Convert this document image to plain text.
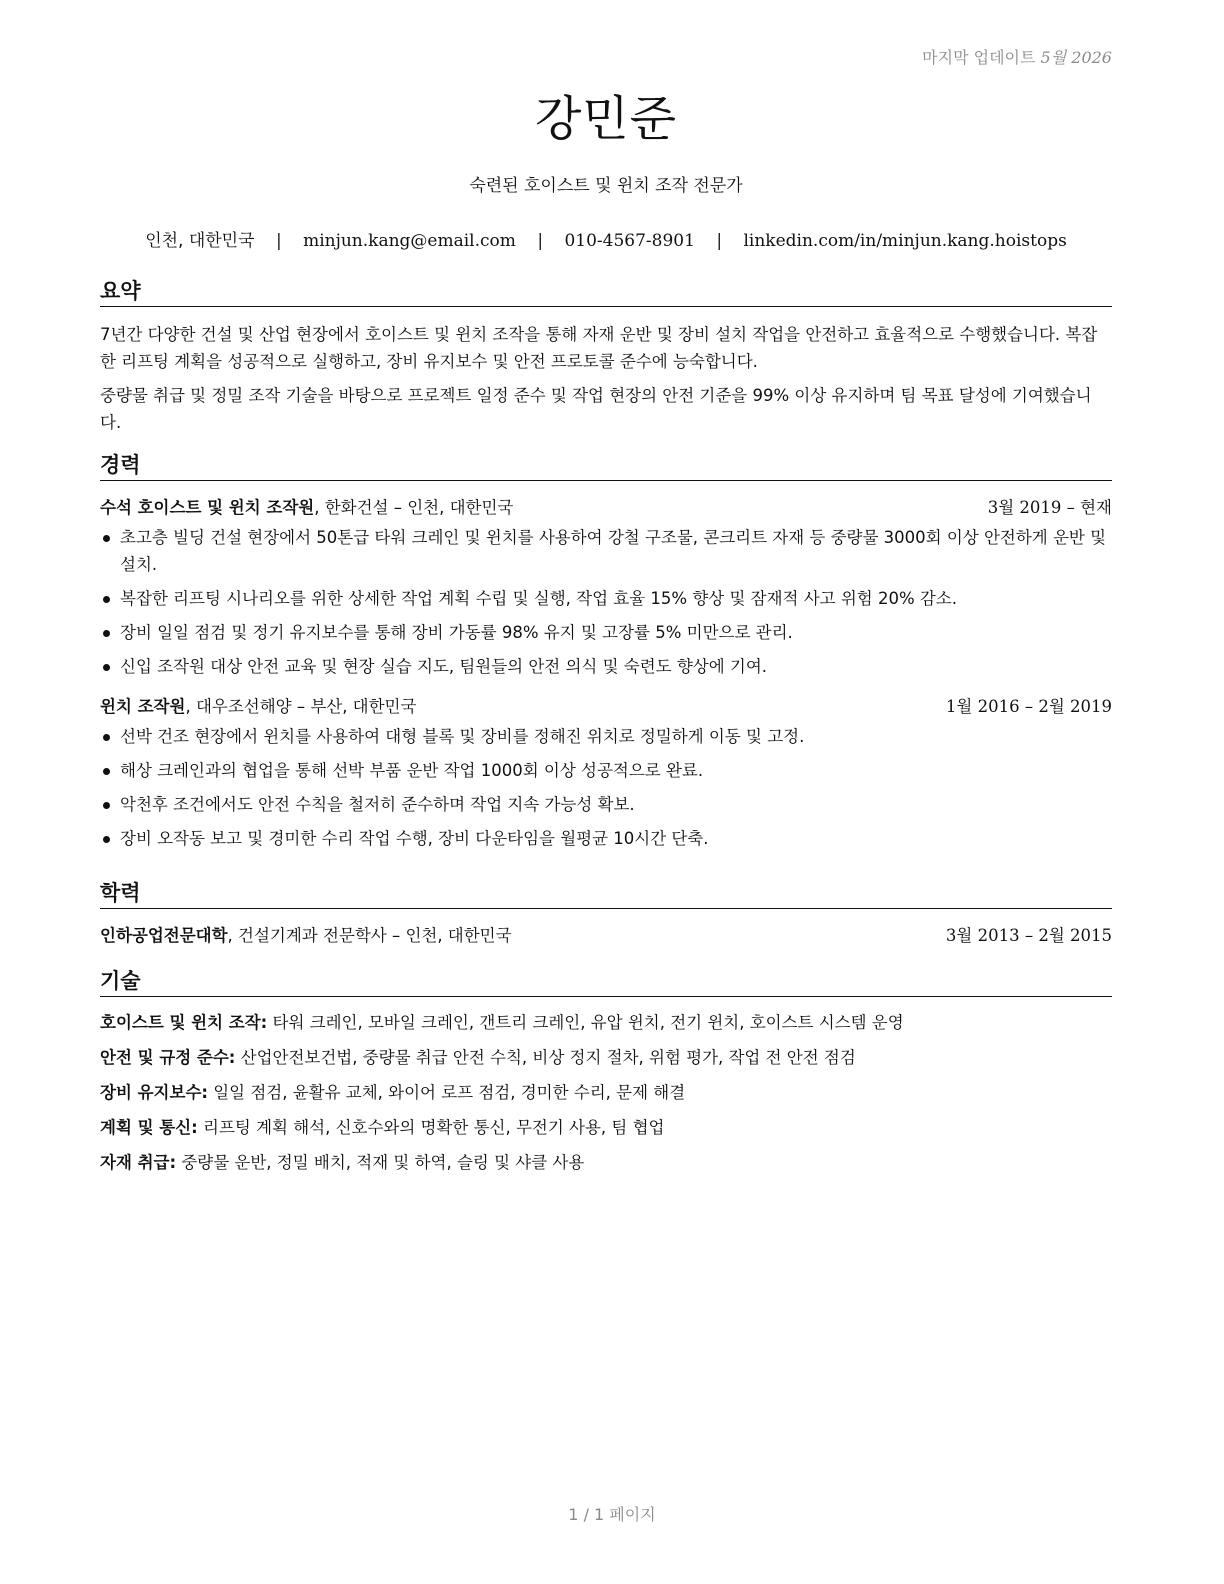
마지막 업데이트 5월 2026
강민준
숙련된 호이스트 및 윈치 조작 전문가
인천, 대한민국 | minjun.kang@email.com | 010-4567-8901 | linkedin.com/in/minjun.kang.hoistops
요약

7년간 다양한 건설 및 산업 현장에서 호이스트 및 윈치 조작을 통해 자재 운반 및 장비 설치 작업을 안전하고 효율적으로 수행했습니다. 복잡한 리프팅 계획을 성공적으로 실행하고, 장비 유지보수 및 안전 프로토콜 준수에 능숙합니다.

중량물 취급 및 정밀 조작 기술을 바탕으로 프로젝트 일정 준수 및 작업 현장의 안전 기준을 99% 이상 유지하며 팀 목표 달성에 기여했습니다.

경력
수석 호이스트 및 윈치 조작원, 한화건설 – 인천, 대한민국	3월 2019 – 현재
초고층 빌딩 건설 현장에서 50톤급 타워 크레인 및 윈치를 사용하여 강철 구조물, 콘크리트 자재 등 중량물 3000회 이상 안전하게 운반 및 설치.
복잡한 리프팅 시나리오를 위한 상세한 작업 계획 수립 및 실행, 작업 효율 15% 향상 및 잠재적 사고 위험 20% 감소.
장비 일일 점검 및 정기 유지보수를 통해 장비 가동률 98% 유지 및 고장률 5% 미만으로 관리.
신입 조작원 대상 안전 교육 및 현장 실습 지도, 팀원들의 안전 의식 및 숙련도 향상에 기여.
윈치 조작원, 대우조선해양 – 부산, 대한민국	1월 2016 – 2월 2019
선박 건조 현장에서 윈치를 사용하여 대형 블록 및 장비를 정해진 위치로 정밀하게 이동 및 고정.
해상 크레인과의 협업을 통해 선박 부품 운반 작업 1000회 이상 성공적으로 완료.
악천후 조건에서도 안전 수칙을 철저히 준수하며 작업 지속 가능성 확보.
장비 오작동 보고 및 경미한 수리 작업 수행, 장비 다운타임을 월평균 10시간 단축.
학력
인하공업전문대학, 건설기계과 전문학사 – 인천, 대한민국	3월 2013 – 2월 2015
기술
호이스트 및 윈치 조작: 타워 크레인, 모바일 크레인, 갠트리 크레인, 유압 윈치, 전기 윈치, 호이스트 시스템 운영
안전 및 규정 준수: 산업안전보건법, 중량물 취급 안전 수칙, 비상 정지 절차, 위험 평가, 작업 전 안전 점검
장비 유지보수: 일일 점검, 윤활유 교체, 와이어 로프 점검, 경미한 수리, 문제 해결
계획 및 통신: 리프팅 계획 해석, 신호수와의 명확한 통신, 무전기 사용, 팀 협업
자재 취급: 중량물 운반, 정밀 배치, 적재 및 하역, 슬링 및 샤클 사용
1 / 1 페이지
